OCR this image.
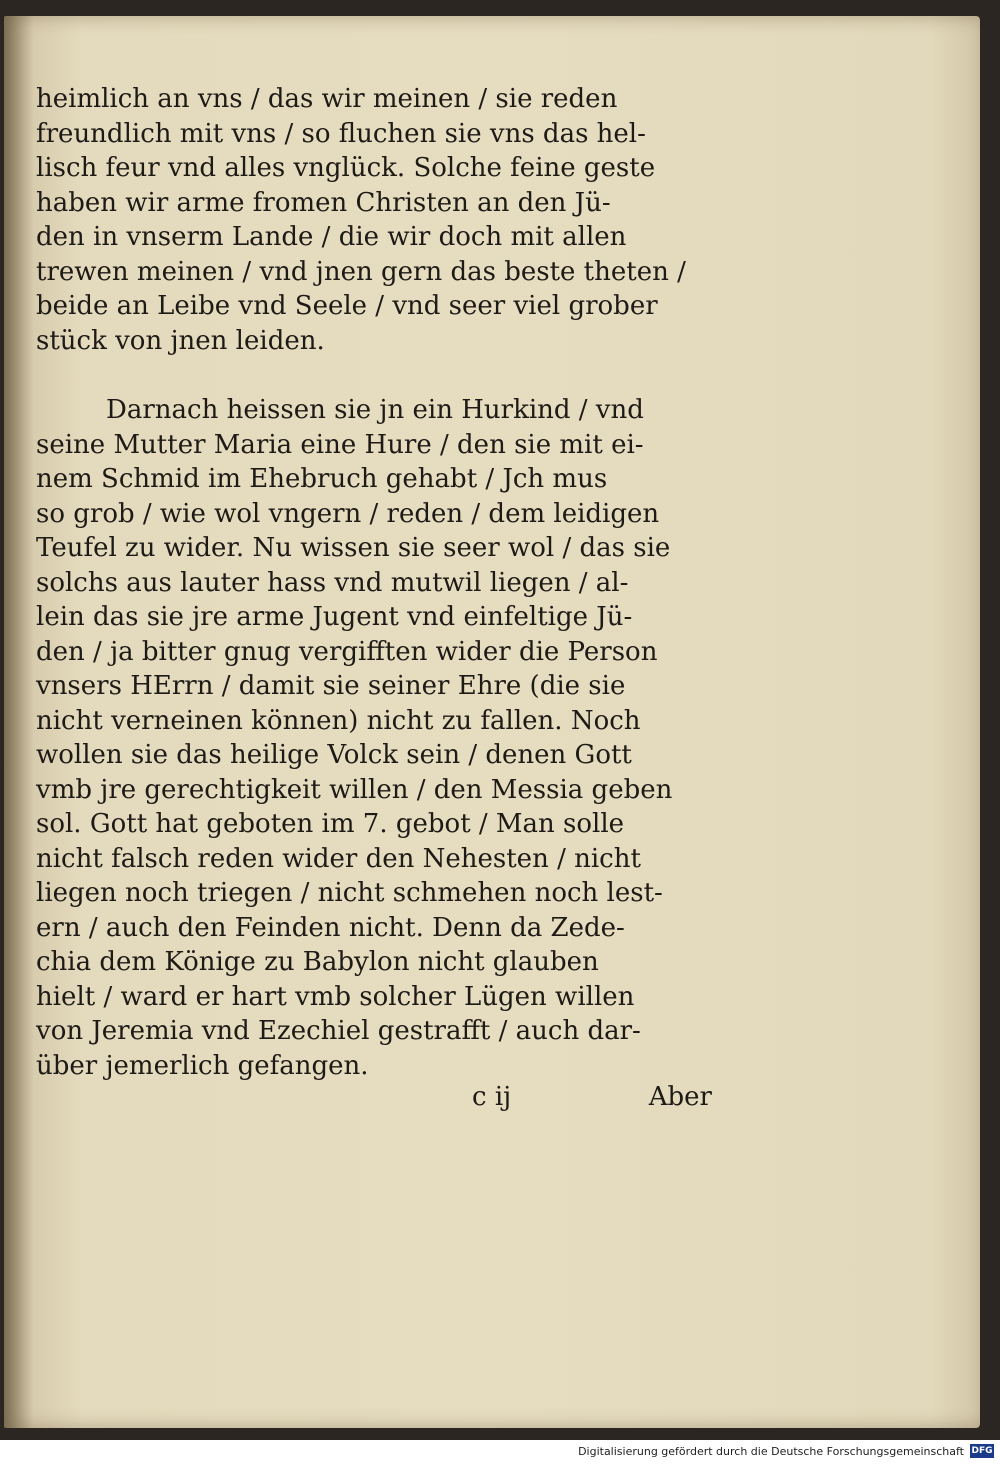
heimlich an vns / das wir meinen / sie reden
freundlich mit vns / so fluchen sie vns das hel-
lisch feur vnd alles vnglück. Solche feine geste
haben wir arme fromen Christen an den Jü-
den in vnserm Lande / die wir doch mit allen
trewen meinen / vnd jnen gern das beste theten /
beide an Leibe vnd Seele / vnd seer viel grober
stück von jnen leiden.
Darnach heissen sie jn ein Hurkind / vnd
seine Mutter Maria eine Hure / den sie mit ei-
nem Schmid im Ehebruch gehabt / Jch mus
so grob / wie wol vngern / reden / dem leidigen
Teufel zu wider. Nu wissen sie seer wol / das sie
solchs aus lauter hass vnd mutwil liegen / al-
lein das sie jre arme Jugent vnd einfeltige Jü-
den / ja bitter gnug vergifften wider die Person
vnsers HErrn / damit sie seiner Ehre (die sie
nicht verneinen können) nicht zu fallen. Noch
wollen sie das heilige Volck sein / denen Gott
vmb jre gerechtigkeit willen / den Messia geben
sol. Gott hat geboten im 7. gebot / Man solle
nicht falsch reden wider den Nehesten / nicht
liegen noch triegen / nicht schmehen noch lest-
ern / auch den Feinden nicht. Denn da Zede-
chia dem Könige zu Babylon nicht glauben
hielt / ward er hart vmb solcher Lügen willen
von Jeremia vnd Ezechiel gestrafft / auch dar-
über jemerlich gefangen.
c ij	Aber
Digitalisierung gefördert durch die Deutsche Forschungsgemeinschaft DFG
